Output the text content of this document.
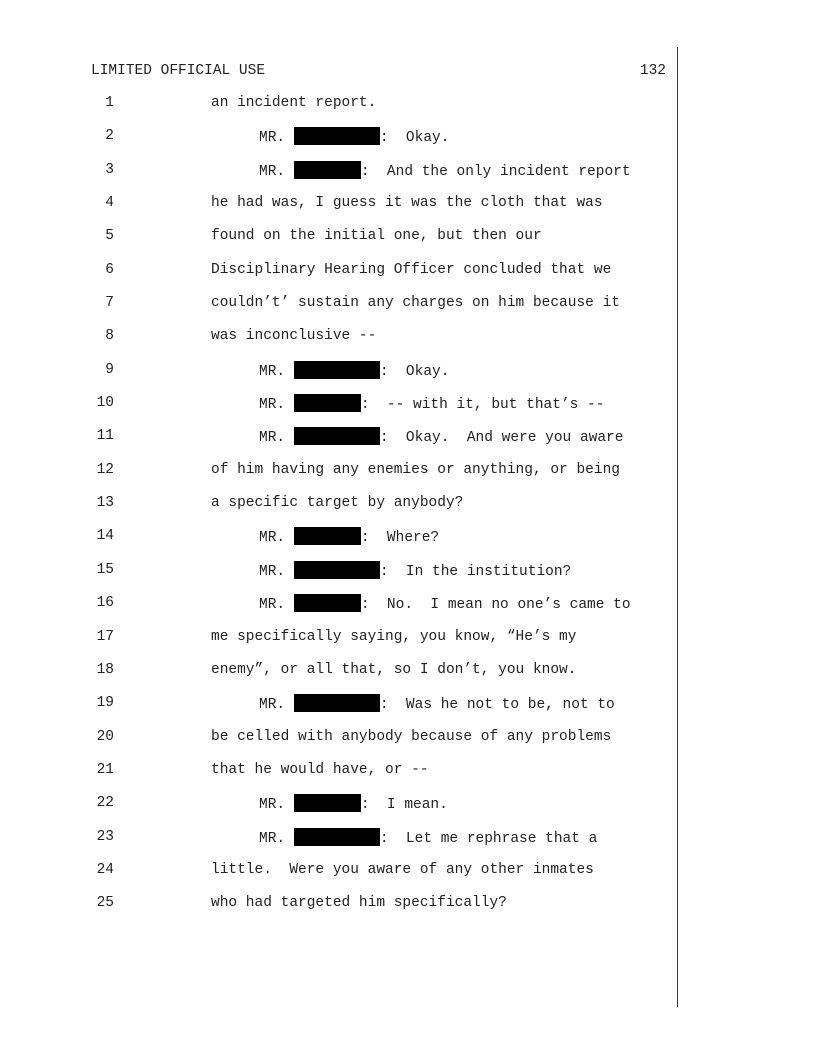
LIMITED OFFICIAL USE	132
1	an incident report.
2	MR.	:  Okay.
3	MR.	:  And the only incident report
4	he had was, I guess it was the cloth that was
5	found on the initial one, but then our
6	Disciplinary Hearing Officer concluded that we
7	couldn’t’ sustain any charges on him because it
8	was inconclusive --
9	MR.	:  Okay.
10	MR.	:  -- with it, but that’s --
11	MR.	:  Okay.  And were you aware
12	of him having any enemies or anything, or being
13	a specific target by anybody?
14	MR.	:  Where?
15	MR.	:  In the institution?
16	MR.	:  No.  I mean no one’s came to
17	me specifically saying, you know, “He’s my
18	enemy”, or all that, so I don’t, you know.
19	MR.	:  Was he not to be, not to
20	be celled with anybody because of any problems
21	that he would have, or --
22	MR.	:  I mean.
23	MR.	:  Let me rephrase that a
24	little.  Were you aware of any other inmates
25	who had targeted him specifically?
